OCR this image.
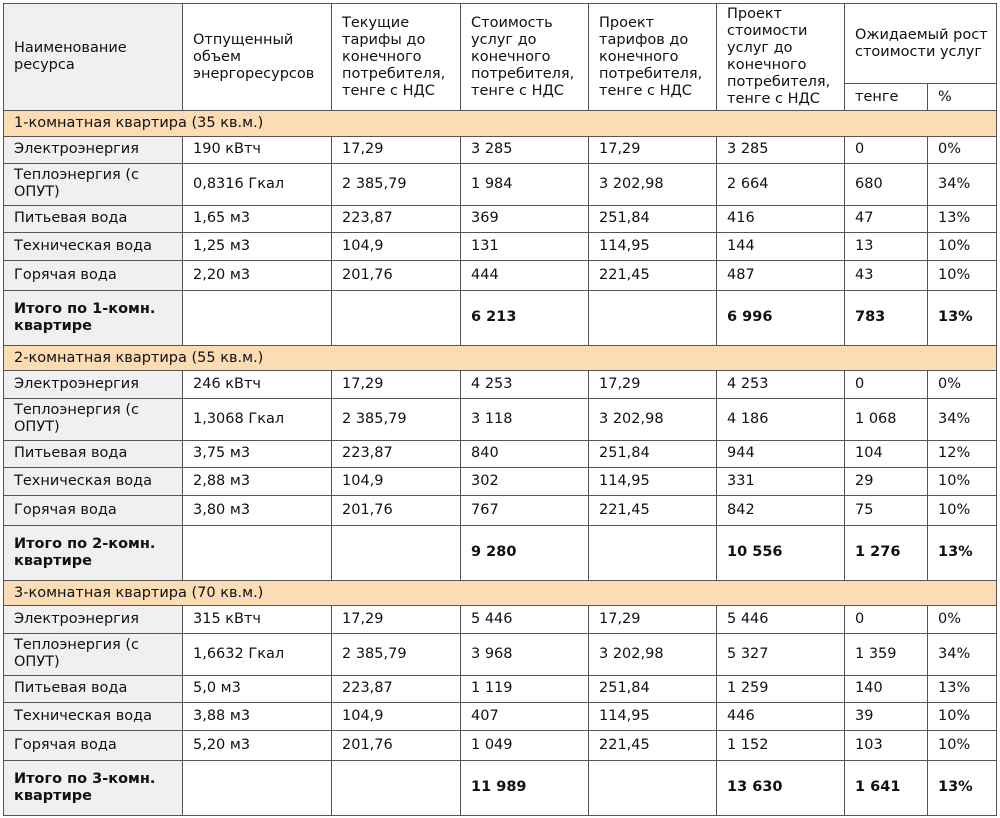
Наименование ресурса	Отпущенный объем энергоресурсов	Текущие тарифы до конечного потребителя, тенге с НДС	Стоимость услуг до конечного потребителя, тенге с НДС	Проект тарифов до конечного потребителя, тенге с НДС	Проект стоимости услуг до конечного потребителя, тенге с НДС	Ожидаемый рост стоимости услуг	
						тенге	%
1-комнатная квартира (35 кв.м.)							
Электроэнергия	190 кВтч	17,29	3 285	17,29	3 285	0	0%
Теплоэнергия (с ОПУТ)	0,8316 Гкал	2 385,79	1 984	3 202,98	2 664	680	34%
Питьевая вода	1,65 м3	223,87	369	251,84	416	47	13%
Техническая вода	1,25 м3	104,9	131	114,95	144	13	10%
Горячая вода	2,20 м3	201,76	444	221,45	487	43	10%
Итого по 1-комн. квартире			6 213		6 996	783	13%
2-комнатная квартира (55 кв.м.)							
Электроэнергия	246 кВтч	17,29	4 253	17,29	4 253	0	0%
Теплоэнергия (с ОПУТ)	1,3068 Гкал	2 385,79	3 118	3 202,98	4 186	1 068	34%
Питьевая вода	3,75 м3	223,87	840	251,84	944	104	12%
Техническая вода	2,88 м3	104,9	302	114,95	331	29	10%
Горячая вода	3,80 м3	201,76	767	221,45	842	75	10%
Итого по 2-комн. квартире			9 280		10 556	1 276	13%
3-комнатная квартира (70 кв.м.)							
Электроэнергия	315 кВтч	17,29	5 446	17,29	5 446	0	0%
Теплоэнергия (с ОПУТ)	1,6632 Гкал	2 385,79	3 968	3 202,98	5 327	1 359	34%
Питьевая вода	5,0 м3	223,87	1 119	251,84	1 259	140	13%
Техническая вода	3,88 м3	104,9	407	114,95	446	39	10%
Горячая вода	5,20 м3	201,76	1 049	221,45	1 152	103	10%
Итого по 3-комн. квартире			11 989		13 630	1 641	13%
